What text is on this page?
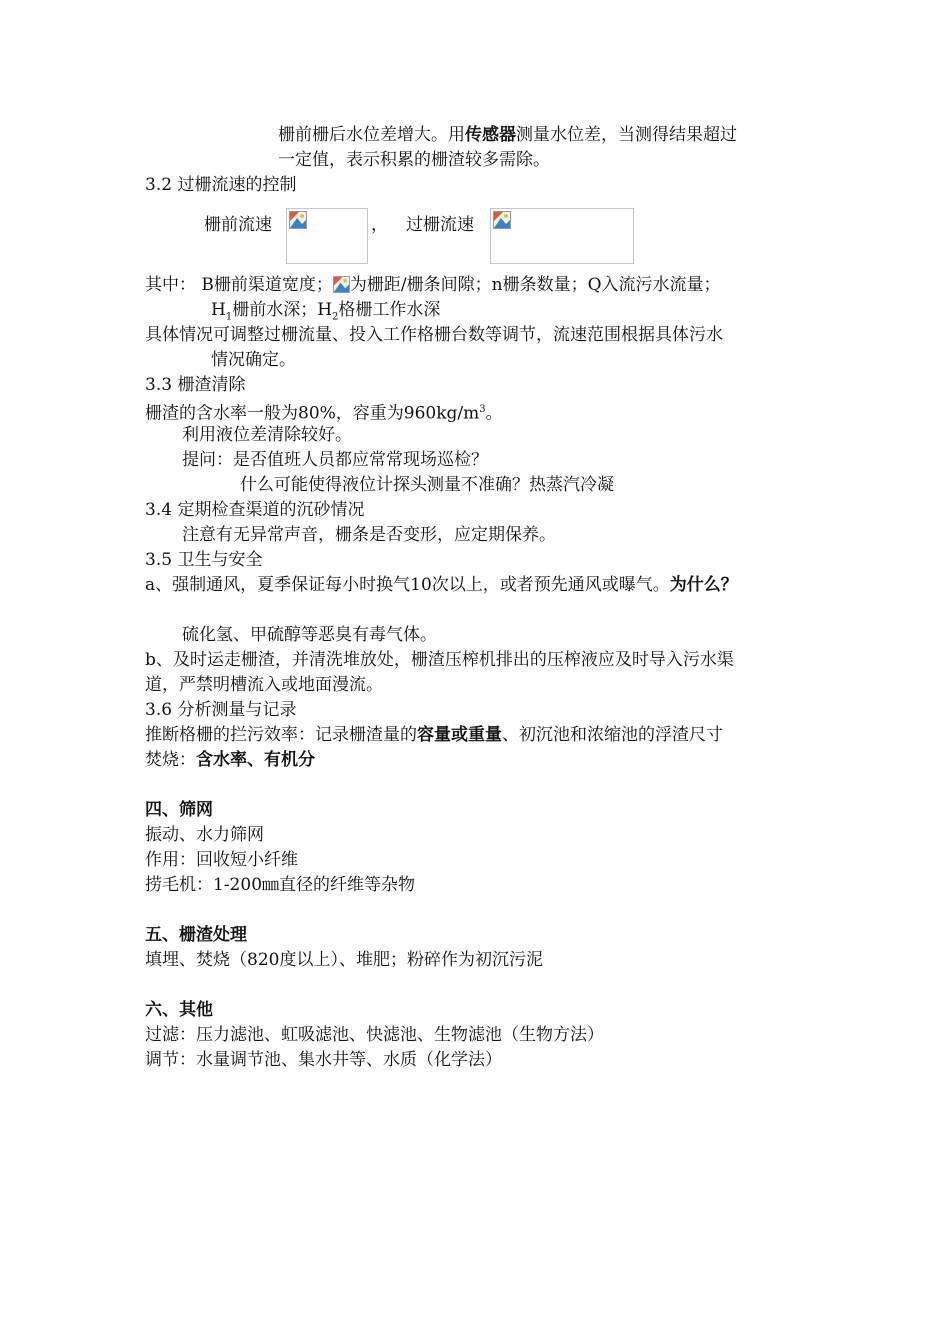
栅前栅后水位差增大。用传感器测量水位差，当测得结果超过
一定值，表示积累的栅渣较多需除。
3.2 过栅流速的控制
栅前流速	， 过栅流速
其中： B栅前渠道宽度； 为栅距/栅条间隙；n栅条数量；Q入流污水流量；
$H_1$栅前水深；$H_2$格栅工作水深
具体情况可调整过栅流量、投入工作格栅台数等调节，流速范围根据具体污水
情况确定。
3.3 栅渣清除
栅渣的含水率一般为80%，容重为$960kg/m^3$。
利用液位差清除较好。
提问：是否值班人员都应常常现场巡检？
什么可能使得液位计探头测量不准确？热蒸汽冷凝
3.4 定期检查渠道的沉砂情况
注意有无异常声音，栅条是否变形，应定期保养。
3.5 卫生与安全
a、强制通风，夏季保证每小时换气10次以上，或者预先通风或曝气。为什么？
硫化氢、甲硫醇等恶臭有毒气体。
b、及时运走栅渣，并清洗堆放处，栅渣压榨机排出的压榨液应及时导入污水渠
道，严禁明槽流入或地面漫流。
3.6 分析测量与记录
推断格栅的拦污效率：记录栅渣量的容量或重量、初沉池和浓缩池的浮渣尺寸
焚烧：含水率、有机分
四、筛网
振动、水力筛网
作用：回收短小纤维
捞毛机：1-200㎜直径的纤维等杂物
五、栅渣处理
填埋、焚烧（820度以上）、堆肥；粉碎作为初沉污泥
六、其他
过滤：压力滤池、虹吸滤池、快滤池、生物滤池（生物方法）
调节：水量调节池、集水井等、水质（化学法）
